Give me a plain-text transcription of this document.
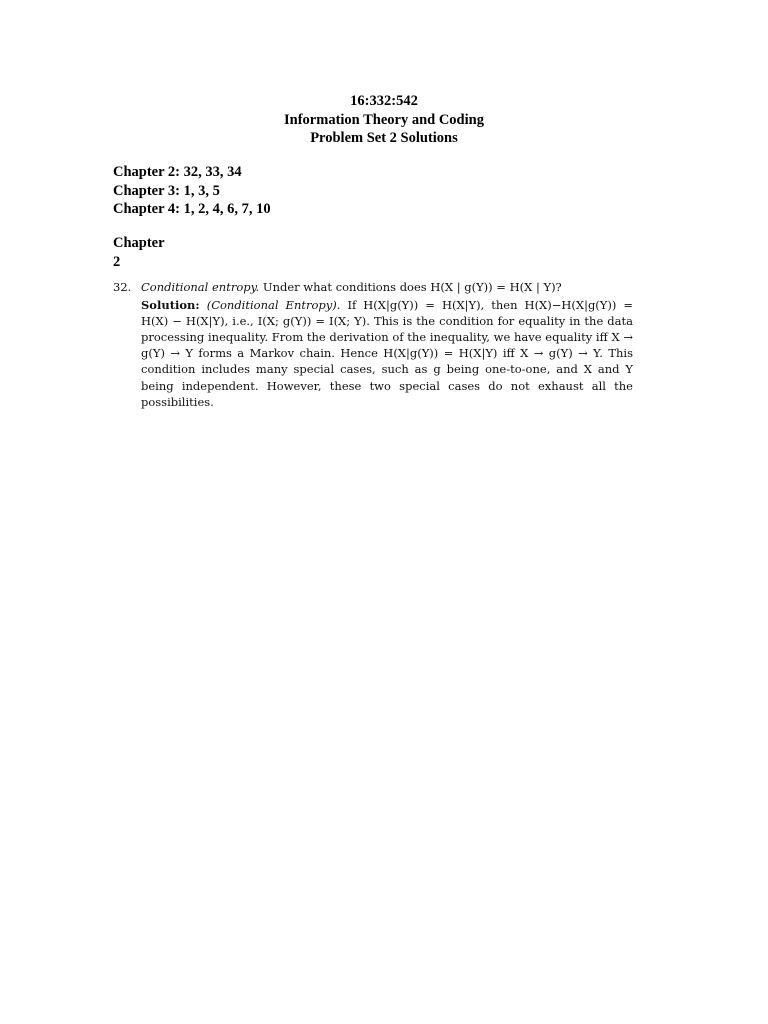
16:332:542
Information Theory and Coding
Problem Set 2 Solutions
Chapter 2: 32, 33, 34
Chapter 3: 1, 3, 5
Chapter 4: 1, 2, 4, 6, 7, 10
Chapter
2
32. Conditional entropy. Under what conditions does H(X | g(Y)) = H(X | Y)?
Solution: (Conditional Entropy). If H(X|g(Y)) = H(X|Y), then H(X)−H(X|g(Y)) = H(X) − H(X|Y), i.e., I(X; g(Y)) = I(X; Y). This is the condition for equality in the data processing inequality. From the derivation of the inequality, we have equality iff X → g(Y) → Y forms a Markov chain. Hence H(X|g(Y)) = H(X|Y) iff X → g(Y) → Y. This condition includes many special cases, such as g being one-to-one, and X and Y being independent. However, these two special cases do not exhaust all the possibilities.
